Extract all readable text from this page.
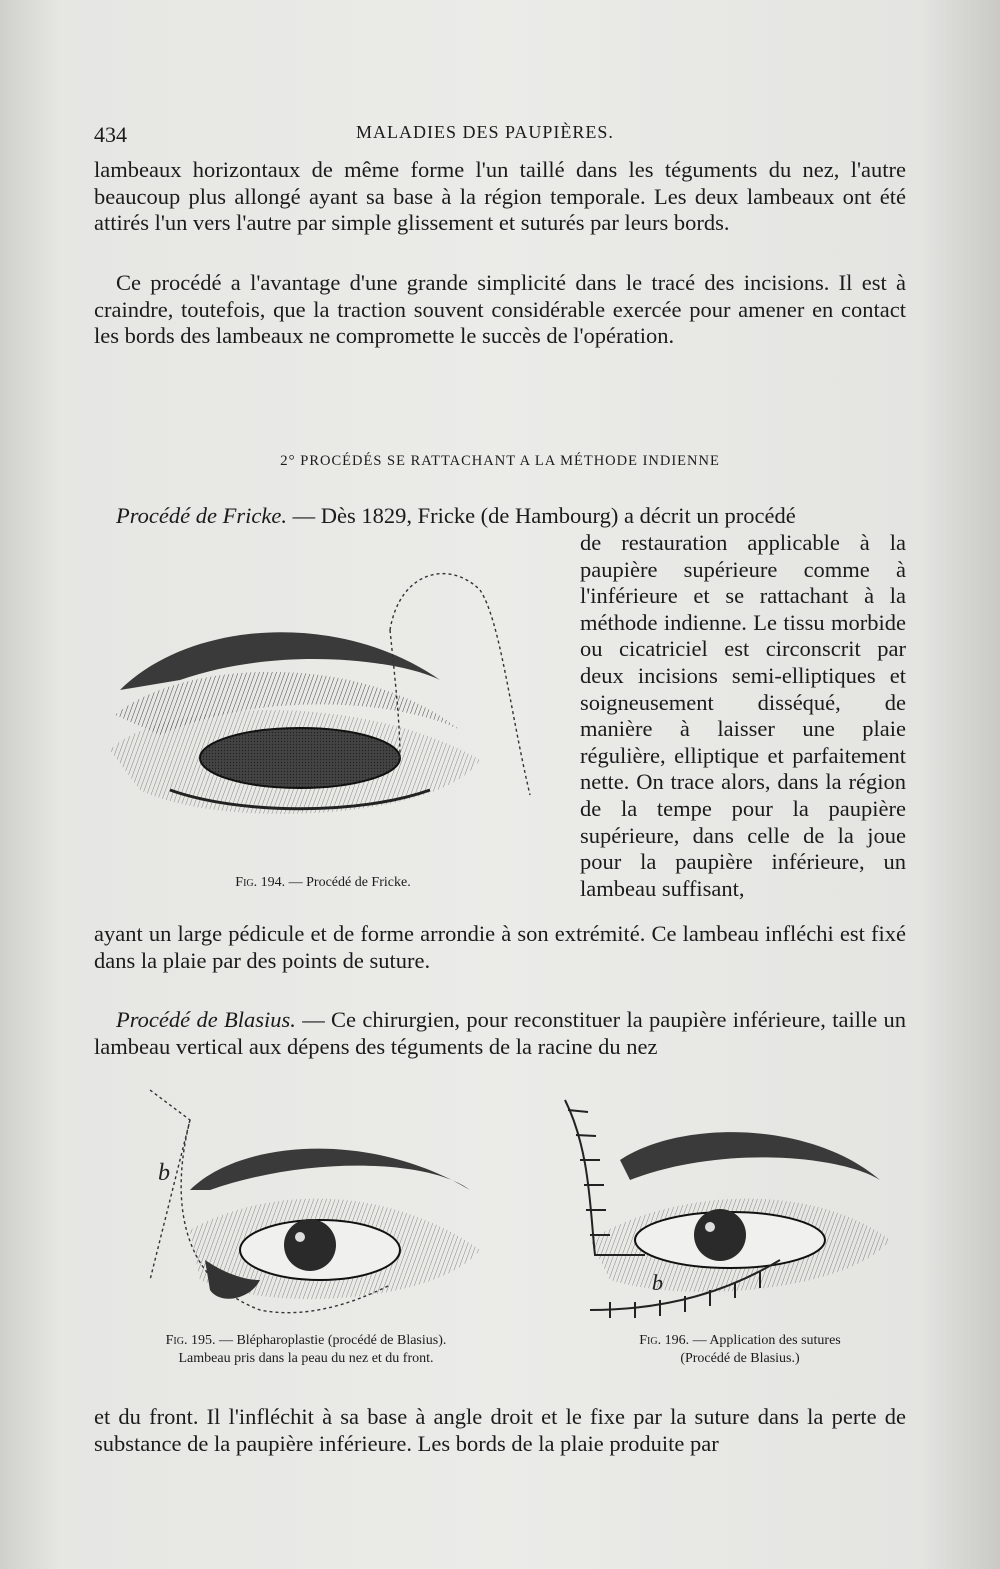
434	MALADIES DES PAUPIÈRES.

lambeaux horizontaux de même forme l'un taillé dans les téguments du nez, l'autre beaucoup plus allongé ayant sa base à la région temporale. Les deux lambeaux ont été attirés l'un vers l'autre par simple glissement et suturés par leurs bords.

Ce procédé a l'avantage d'une grande simplicité dans le tracé des incisions. Il est à craindre, toutefois, que la traction souvent considérable exercée pour amener en contact les bords des lambeaux ne compromette le succès de l'opération.

2° PROCÉDÉS SE RATTACHANT A LA MÉTHODE INDIENNE

Procédé de Fricke. — Dès 1829, Fricke (de Hambourg) a décrit un procédé

Fig. 194. — Procédé de Fricke.

de restauration applicable à la paupière supérieure comme à l'inférieure et se rattachant à la méthode indienne. Le tissu morbide ou cicatriciel est circonscrit par deux incisions semi-elliptiques et soigneusement disséqué, de manière à laisser une plaie régulière, elliptique et parfaitement nette. On trace alors, dans la région de la tempe pour la paupière supérieure, dans celle de la joue pour la paupière inférieure, un lambeau suffisant,

ayant un large pédicule et de forme arrondie à son extrémité. Ce lambeau infléchi est fixé dans la plaie par des points de suture.

Procédé de Blasius. — Ce chirurgien, pour reconstituer la paupière inférieure, taille un lambeau vertical aux dépens des téguments de la racine du nez

b
Fig. 195. — Blépharoplastie (procédé de Blasius).
Lambeau pris dans la peau du nez et du front.
b
Fig. 196. — Application des sutures
(Procédé de Blasius.)

et du front. Il l'infléchit à sa base à angle droit et le fixe par la suture dans la perte de substance de la paupière inférieure. Les bords de la plaie produite par
